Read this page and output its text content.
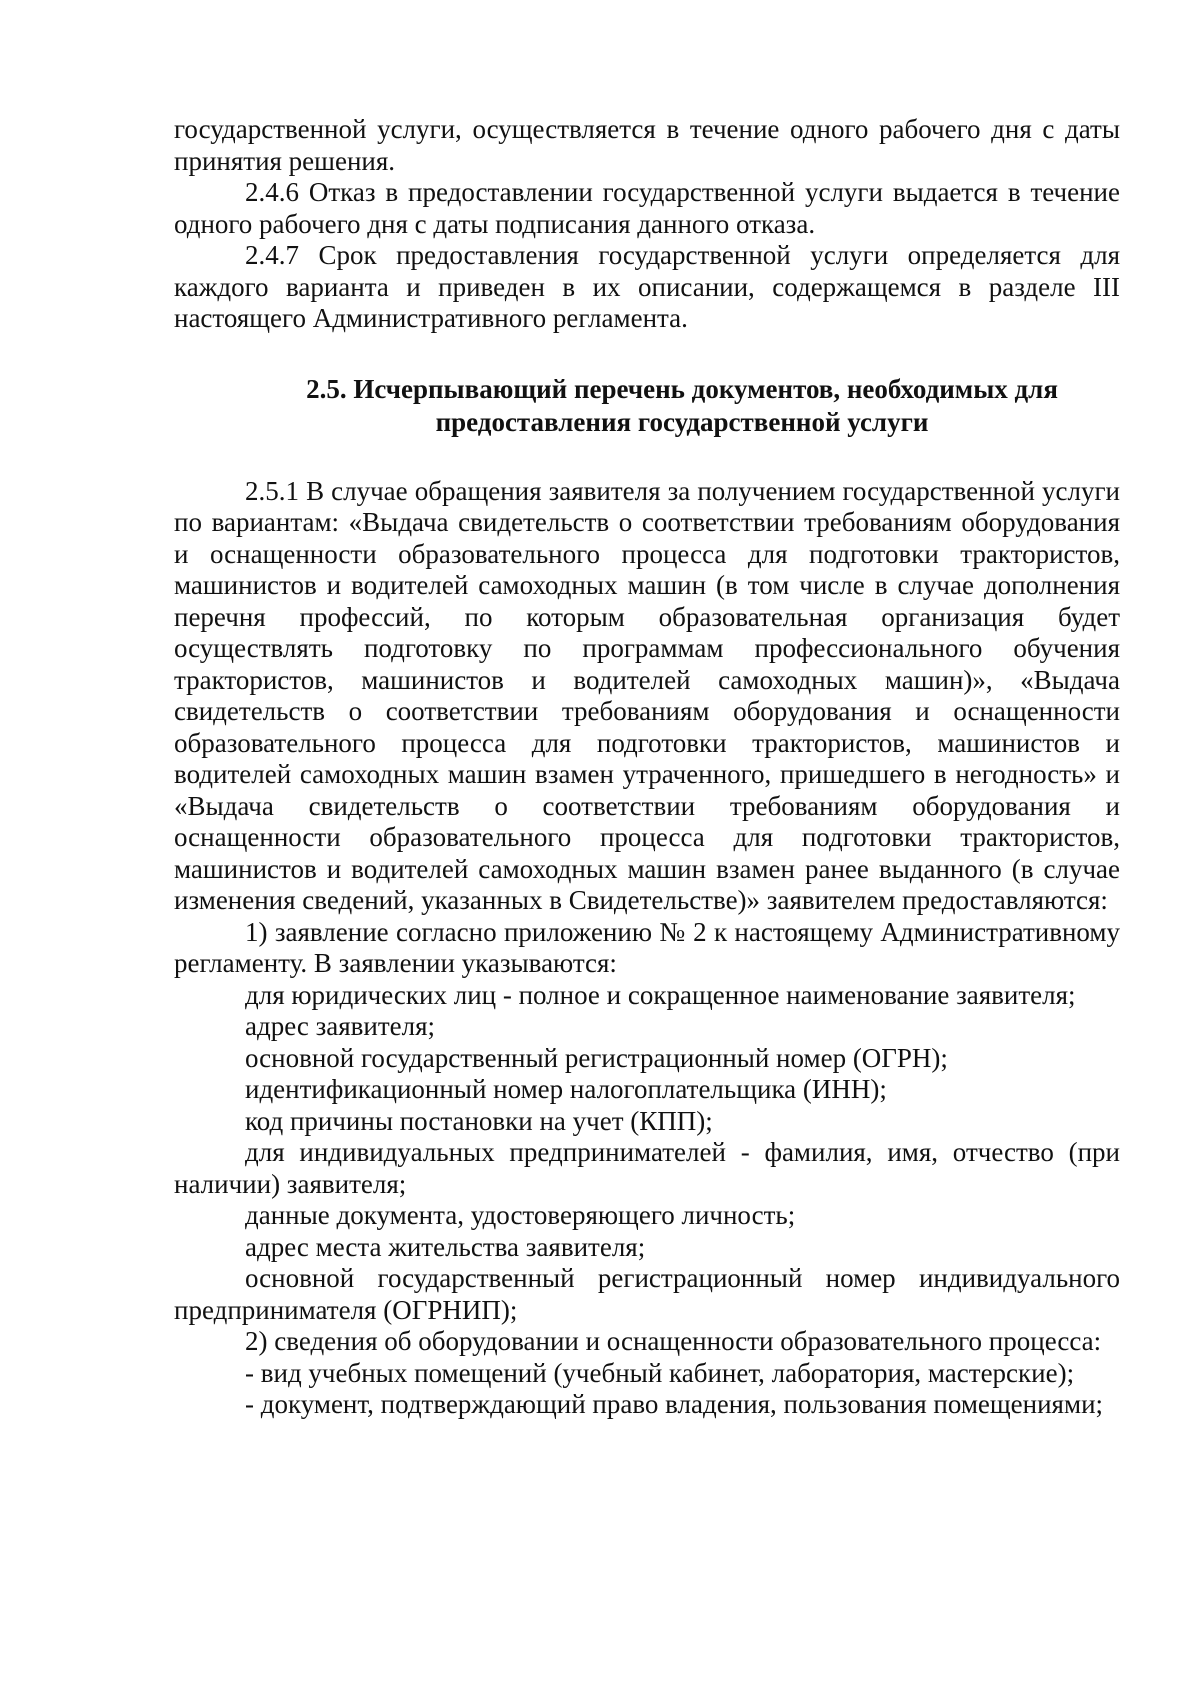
государственной услуги, осуществляется в течение одного рабочего дня с даты принятия решения.

2.4.6 Отказ в предоставлении государственной услуги выдается в течение одного рабочего дня с даты подписания данного отказа.

2.4.7 Срок предоставления государственной услуги определяется для каждого варианта и приведен в их описании, содержащемся в разделе III настоящего Административного регламента.

2.5. Исчерпывающий перечень документов, необходимых для
предоставления государственной услуги

2.5.1 В случае обращения заявителя за получением государственной услуги по вариантам: «Выдача свидетельств о соответствии требованиям оборудования и оснащенности образовательного процесса для подготовки трактористов, машинистов и водителей самоходных машин (в том числе в случае дополнения перечня профессий, по которым образовательная организация будет осуществлять подготовку по программам профессионального обучения трактористов, машинистов и водителей самоходных машин)», «Выдача свидетельств о соответствии требованиям оборудования и оснащенности образовательного процесса для подготовки трактористов, машинистов и водителей самоходных машин взамен утраченного, пришедшего в негодность» и «Выдача свидетельств о соответствии требованиям оборудования и оснащенности образовательного процесса для подготовки трактористов, машинистов и водителей самоходных машин взамен ранее выданного (в случае изменения сведений, указанных в Свидетельстве)» заявителем предоставляются:

1) заявление согласно приложению № 2 к настоящему Административному регламенту. В заявлении указываются:

для юридических лиц - полное и сокращенное наименование заявителя;

адрес заявителя;

основной государственный регистрационный номер (ОГРН);

идентификационный номер налогоплательщика (ИНН);

код причины постановки на учет (КПП);

для индивидуальных предпринимателей - фамилия, имя, отчество (при наличии) заявителя;

данные документа, удостоверяющего личность;

адрес места жительства заявителя;

основной государственный регистрационный номер индивидуального предпринимателя (ОГРНИП);

2) сведения об оборудовании и оснащенности образовательного процесса:

- вид учебных помещений (учебный кабинет, лаборатория, мастерские);

- документ, подтверждающий право владения, пользования помещениями;
